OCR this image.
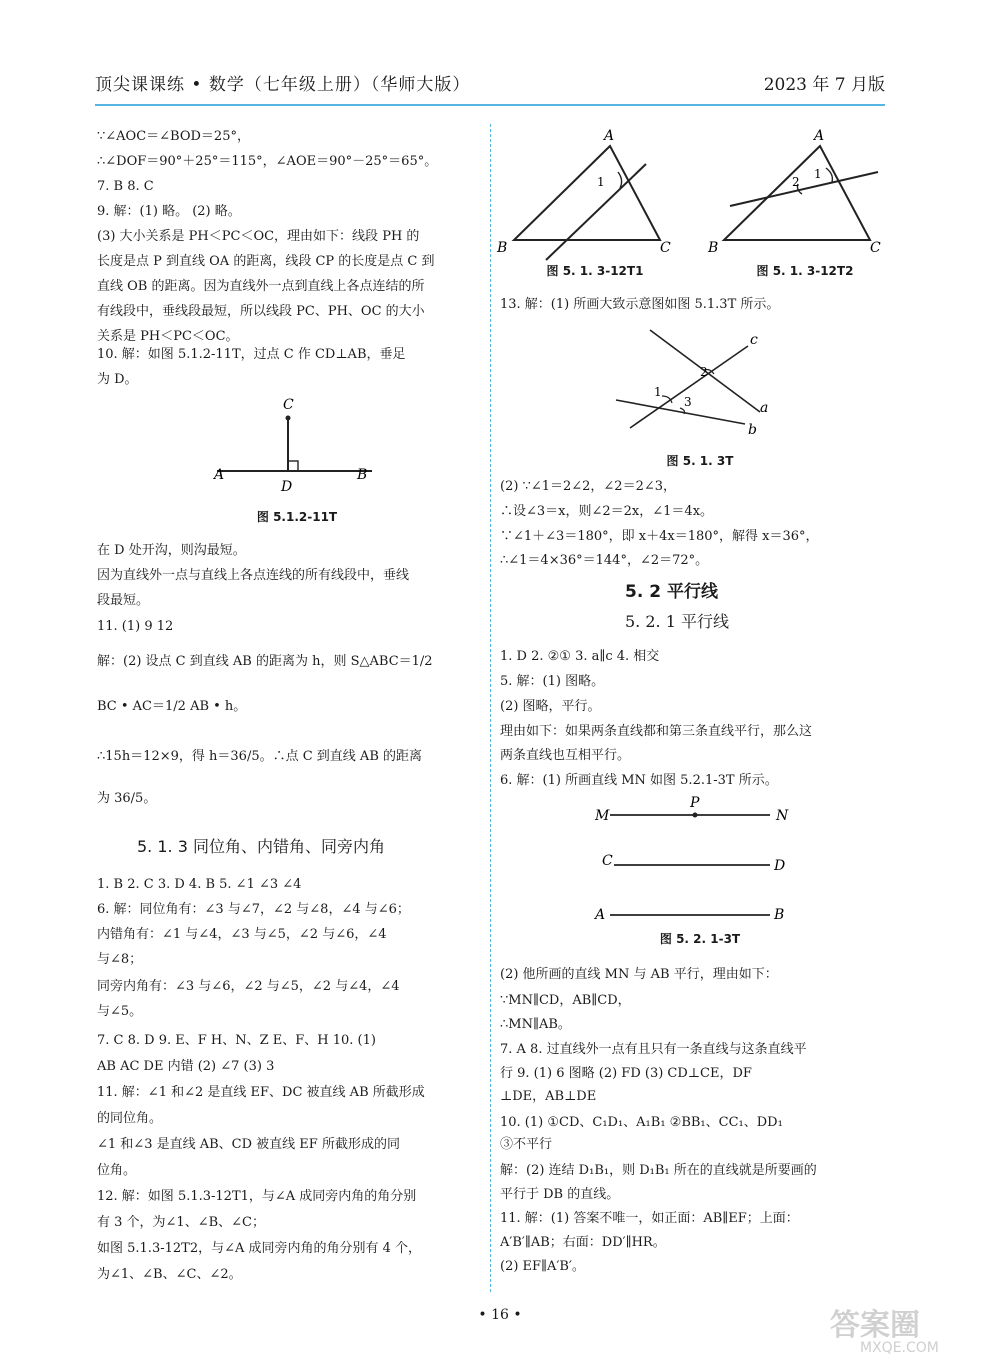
顶尖课课练 • 数学（七年级上册）（华师大版）	2023 年 7 月版
∵∠AOC＝∠BOD＝25°，
∴∠DOF＝90°＋25°＝115°，∠AOE＝90°－25°＝65°。
7. B 8. C
9. 解：(1) 略。 (2) 略。
(3) 大小关系是 PH＜PC＜OC，理由如下：线段 PH 的
长度是点 P 到直线 OA 的距离，线段 CP 的长度是点 C 到
直线 OB 的距离。因为直线外一点到直线上各点连结的所
有线段中，垂线段最短，所以线段 PC、PH、OC 的大小
关系是 PH＜PC＜OC。
10. 解：如图 5.1.2-11T，过点 C 作 CD⊥AB，垂足
为 D。
C
A
D
B
图 5.1.2-11T
在 D 处开沟，则沟最短。
因为直线外一点与直线上各点连线的所有线段中，垂线
段最短。
11. (1) 9 12
解：(2) 设点 C 到直线 AB 的距离为 h，则 S△ABC＝1/2
BC • AC＝1/2 AB • h。
∴15h＝12×9，得 h＝36/5。∴点 C 到直线 AB 的距离
为 36/5。
5. 1. 3 同位角、内错角、同旁内角
1. B 2. C 3. D 4. B 5. ∠1 ∠3 ∠4
6. 解：同位角有：∠3 与∠7，∠2 与∠8，∠4 与∠6；
内错角有：∠1 与∠4，∠3 与∠5，∠2 与∠6，∠4
与∠8；
同旁内角有：∠3 与∠6，∠2 与∠5，∠2 与∠4，∠4
与∠5。
7. C 8. D 9. E、F H、N、Z E、F、H 10. (1)
AB AC DE 内错 (2) ∠7 (3) 3
11. 解：∠1 和∠2 是直线 EF、DC 被直线 AB 所截形成
的同位角。
∠1 和∠3 是直线 AB、CD 被直线 EF 所截形成的同
位角。
12. 解：如图 5.1.3-12T1，与∠A 成同旁内角的角分别
有 3 个，为∠1、∠B、∠C；
如图 5.1.3-12T2，与∠A 成同旁内角的角分别有 4 个，
为∠1、∠B、∠C、∠2。
A
B	C
1
图 5. 1. 3-12T1
A
B	C
1
2
图 5. 1. 3-12T2
13. 解：(1) 所画大致示意图如图 5.1.3T 所示。
c
a
b
1
2
3
图 5. 1. 3T
(2) ∵∠1＝2∠2，∠2＝2∠3，
∴设∠3＝x，则∠2＝2x，∠1＝4x。
∵∠1＋∠3＝180°，即 x＋4x＝180°，解得 x＝36°，
∴∠1＝4×36°＝144°，∠2＝72°。
5. 2 平行线
5. 2. 1 平行线
1. D 2. ②① 3. a∥c 4. 相交
5. 解：(1) 图略。
(2) 图略，平行。
理由如下：如果两条直线都和第三条直线平行，那么这
两条直线也互相平行。
6. 解：(1) 所画直线 MN 如图 5.2.1-3T 所示。
M
P
N
C	D
A	B
图 5. 2. 1-3T
(2) 他所画的直线 MN 与 AB 平行，理由如下：
∵MN∥CD，AB∥CD，
∴MN∥AB。
7. A 8. 过直线外一点有且只有一条直线与这条直线平
行 9. (1) 6 图略 (2) FD (3) CD⊥CE，DF
⊥DE，AB⊥DE
10. (1) ①CD、C₁D₁、A₁B₁ ②BB₁、CC₁、DD₁
③不平行
解：(2) 连结 D₁B₁，则 D₁B₁ 所在的直线就是所要画的
平行于 DB 的直线。
11. 解：(1) 答案不唯一，如正面：AB∥EF；上面：
A′B′∥AB；右面：DD′∥HR。
(2) EF∥A′B′。
• 16 •	答案圈
MXQE.COM
